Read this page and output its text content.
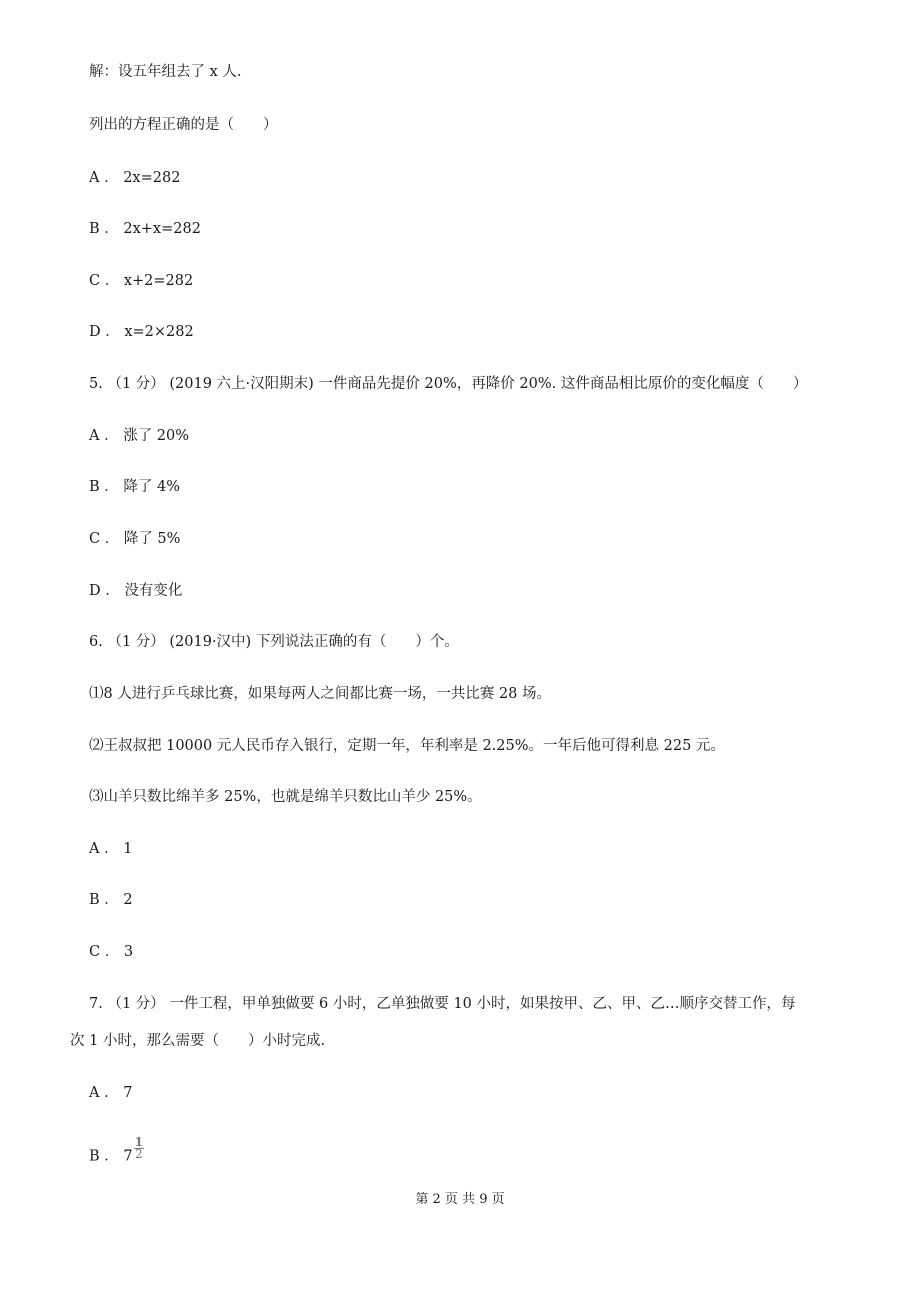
解：设五年组去了 x 人.
列出的方程正确的是（　　）
A ． 2x=282
B ． 2x+x=282
C ． x+2=282
D ． x=2×282
5. （1 分） (2019 六上·汉阳期末) 一件商品先提价 20%，再降价 20%. 这件商品相比原价的变化幅度（　　）
A ． 涨了 20%
B ． 降了 4%
C ． 降了 5%
D ． 没有变化
6. （1 分） (2019·汉中) 下列说法正确的有（　　）个。
⑴8 人进行乒乓球比赛，如果每两人之间都比赛一场，一共比赛 28 场。
⑵王叔叔把 10000 元人民币存入银行，定期一年，年利率是 2.25%。一年后他可得利息 225 元。
⑶山羊只数比绵羊多 25%，也就是绵羊只数比山羊少 25%。
A ． 1
B ． 2
C ． 3
7. （1 分） 一件工程，甲单独做要 6 小时，乙单独做要 10 小时，如果按甲、乙、甲、乙…顺序交替工作，每
次 1 小时，那么需要（　　）小时完成.
A ． 7
B ． $7 \frac{1}{2}$
第 2 页 共 9 页
